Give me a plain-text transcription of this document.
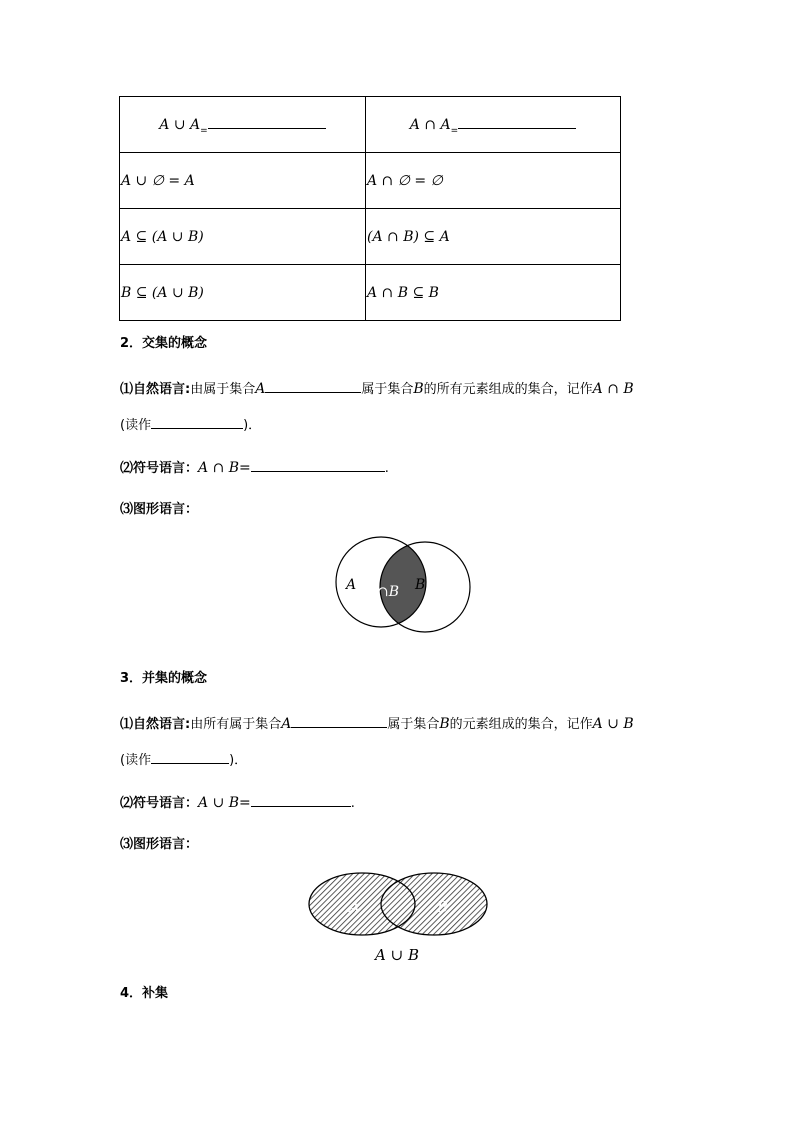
A ∪ $A_=$	A ∩ $A_=$
A ∪ ∅ = A	A ∩ ∅ = ∅
A ⊆ (A ∪ B)	(A ∩ B) ⊆ A
B ⊆ (A ∪ B)	A ∩ B ⊆ B
2．交集的概念
⑴自然语言:由属于集合A	属于集合B的所有元素组成的集合，记作A ∩ B
(读作	)．
⑵符号语言：A ∩ B=	.
⑶图形语言：
A	B
A∩B
3．并集的概念
⑴自然语言:由所有属于集合A	属于集合B的元素组成的集合，记作A ∪ B
(读作	)．
⑵符号语言：A ∪ B=	.
⑶图形语言：
A	B
A ∪ B
4．补集
